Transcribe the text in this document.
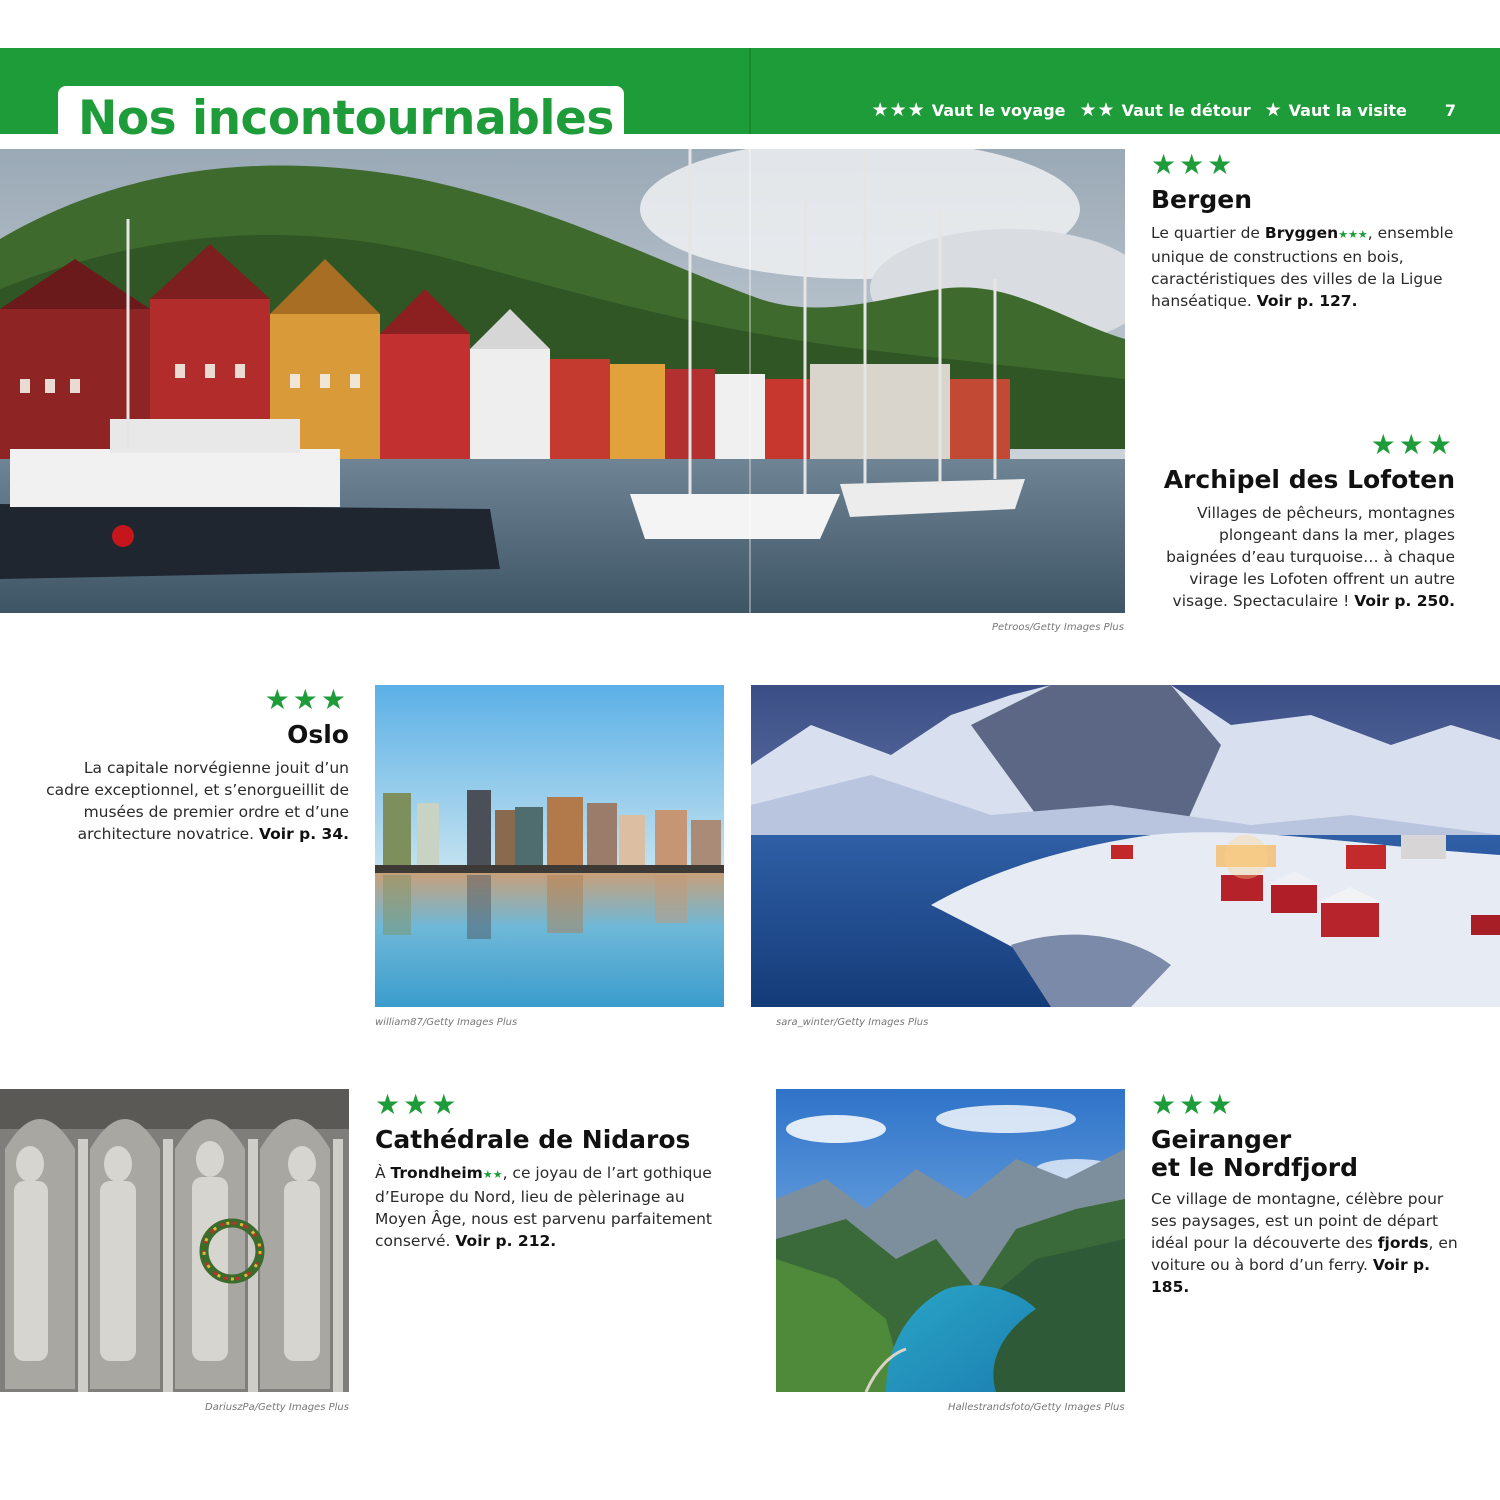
Nos incontournables	★★★ Vaut le voyage ★★ Vaut le détour ★ Vaut la visite 7
Petroos/Getty Images Plus
★★★
Bergen

Le quartier de Bryggen★★★, ensemble unique de constructions en bois, caractéristiques des villes de la Ligue hanséatique. Voir p. 127.

★★★
Archipel des Lofoten

Villages de pêcheurs, montagnes plongeant dans la mer, plages baignées d’eau turquoise… à chaque virage les Lofoten offrent un autre visage. Spectaculaire ! Voir p. 250.

★★★
Oslo

La capitale norvégienne jouit d’un cadre exceptionnel, et s’enorgueillit de musées de premier ordre et d’une architecture novatrice. Voir p. 34.

william87/Getty Images Plus	sara_winter/Getty Images Plus
DariuszPa/Getty Images Plus
★★★
Cathédrale de Nidaros

À Trondheim★★, ce joyau de l’art gothique d’Europe du Nord, lieu de pèlerinage au Moyen Âge, nous est parvenu parfaitement conservé. Voir p. 212.

Hallestrandsfoto/Getty Images Plus
★★★
Geiranger
et le Nordfjord

Ce village de montagne, célèbre pour ses paysages, est un point de départ idéal pour la découverte des fjords, en voiture ou à bord d’un ferry. Voir p. 185.
